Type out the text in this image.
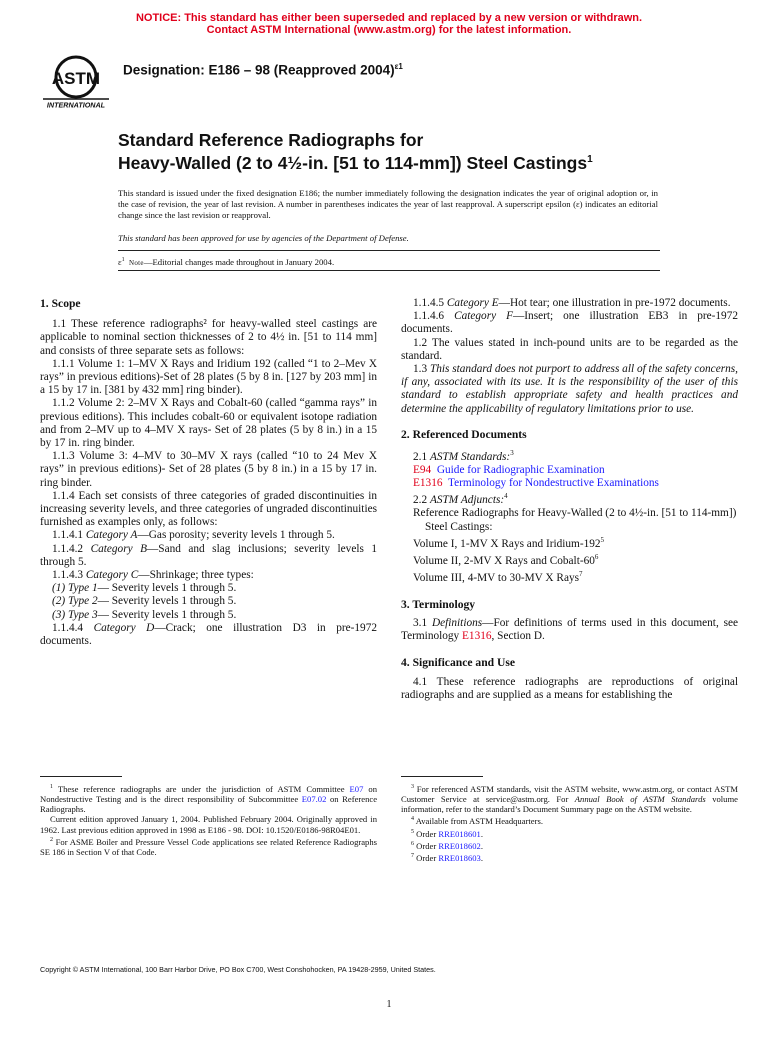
NOTICE: This standard has either been superseded and replaced by a new version or withdrawn.
Contact ASTM International (www.astm.org) for the latest information.
ASTM
INTERNATIONAL
Designation: E186 – 98 (Reapproved 2004)$^{\varepsilon 1}$
Standard Reference Radiographs for
Heavy-Walled (2 to 4½-in. [51 to 114-mm]) Steel Castings$^1$
This standard is issued under the fixed designation E186; the number immediately following the designation indicates the year of original adoption or, in the case of revision, the year of last revision. A number in parentheses indicates the year of last reapproval. A superscript epsilon (ε) indicates an editorial change since the last revision or reapproval.
This standard has been approved for use by agencies of the Department of Defense.
$\varepsilon^1$ Note—Editorial changes made throughout in January 2004.
1. Scope

1.1 These reference radiographs² for heavy-walled steel castings are applicable to nominal section thicknesses of 2 to 4½ in. [51 to 114 mm] and consists of three separate sets as follows:

1.1.1 Volume 1: 1–MV X Rays and Iridium 192 (called “1 to 2–Mev X rays” in previous editions)-Set of 28 plates (5 by 8 in. [127 by 203 mm] in a 15 by 17 in. [381 by 432 mm] ring binder).

1.1.2 Volume 2: 2–MV X Rays and Cobalt-60 (called “gamma rays” in previous editions). This includes cobalt-60 or equivalent isotope radiation and from 2–MV up to 4–MV X rays- Set of 28 plates (5 by 8 in.) in a 15 by 17 in. ring binder.

1.1.3 Volume 3: 4–MV to 30–MV X rays (called “10 to 24 Mev X rays” in previous editions)- Set of 28 plates (5 by 8 in.) in a 15 by 17 in. ring binder.

1.1.4 Each set consists of three categories of graded discontinuities in increasing severity levels, and three categories of ungraded discontinuities furnished as examples only, as follows:

1.1.4.1 Category A—Gas porosity; severity levels 1 through 5.

1.1.4.2 Category B—Sand and slag inclusions; severity levels 1 through 5.

1.1.4.3 Category C—Shrinkage; three types:

(1) Type 1— Severity levels 1 through 5.

(2) Type 2— Severity levels 1 through 5.

(3) Type 3— Severity levels 1 through 5.

1.1.4.4 Category D—Crack; one illustration D3 in pre-1972 documents.

1.1.4.5 Category E—Hot tear; one illustration in pre-1972 documents.

1.1.4.6 Category F—Insert; one illustration EB3 in pre-1972 documents.

1.2 The values stated in inch-pound units are to be regarded as the standard.

1.3 This standard does not purport to address all of the safety concerns, if any, associated with its use. It is the responsibility of the user of this standard to establish appropriate safety and health practices and determine the applicability of regulatory limitations prior to use.

2. Referenced Documents

2.1 ASTM Standards:$^3$

E94 Guide for Radiographic Examination

E1316 Terminology for Nondestructive Examinations

2.2 ASTM Adjuncts:$^4$

Reference Radiographs for Heavy-Walled (2 to 4½-in. [51 to 114-mm]) Steel Castings:

Volume I, 1-MV X Rays and Iridium-$192^5$

Volume II, 2-MV X Rays and Cobalt-$60^6$

Volume III, 4-MV to 30-MV X Rays$^7$

3. Terminology

3.1 Definitions—For definitions of terms used in this document, see Terminology E1316, Section D.

4. Significance and Use

4.1 These reference radiographs are reproductions of original radiographs and are supplied as a means for establishing the

$^1$ These reference radiographs are under the jurisdiction of ASTM Committee E07 on Nondestructive Testing and is the direct responsibility of Subcommittee E07.02 on Reference Radiographs.

Current edition approved January 1, 2004. Published February 2004. Originally approved in 1962. Last previous edition approved in 1998 as E186 - 98. DOI: 10.1520/E0186-98R04E01.

$^2$ For ASME Boiler and Pressure Vessel Code applications see related Reference Radiographs SE 186 in Section V of that Code.

$^3$ For referenced ASTM standards, visit the ASTM website, www.astm.org, or contact ASTM Customer Service at service@astm.org. For Annual Book of ASTM Standards volume information, refer to the standard’s Document Summary page on the ASTM website.

$^4$ Available from ASTM Headquarters.

$^5$ Order RRE018601.

$^6$ Order RRE018602.

$^7$ Order RRE018603.

Copyright © ASTM International, 100 Barr Harbor Drive, PO Box C700, West Conshohocken, PA 19428-2959, United States.
1
